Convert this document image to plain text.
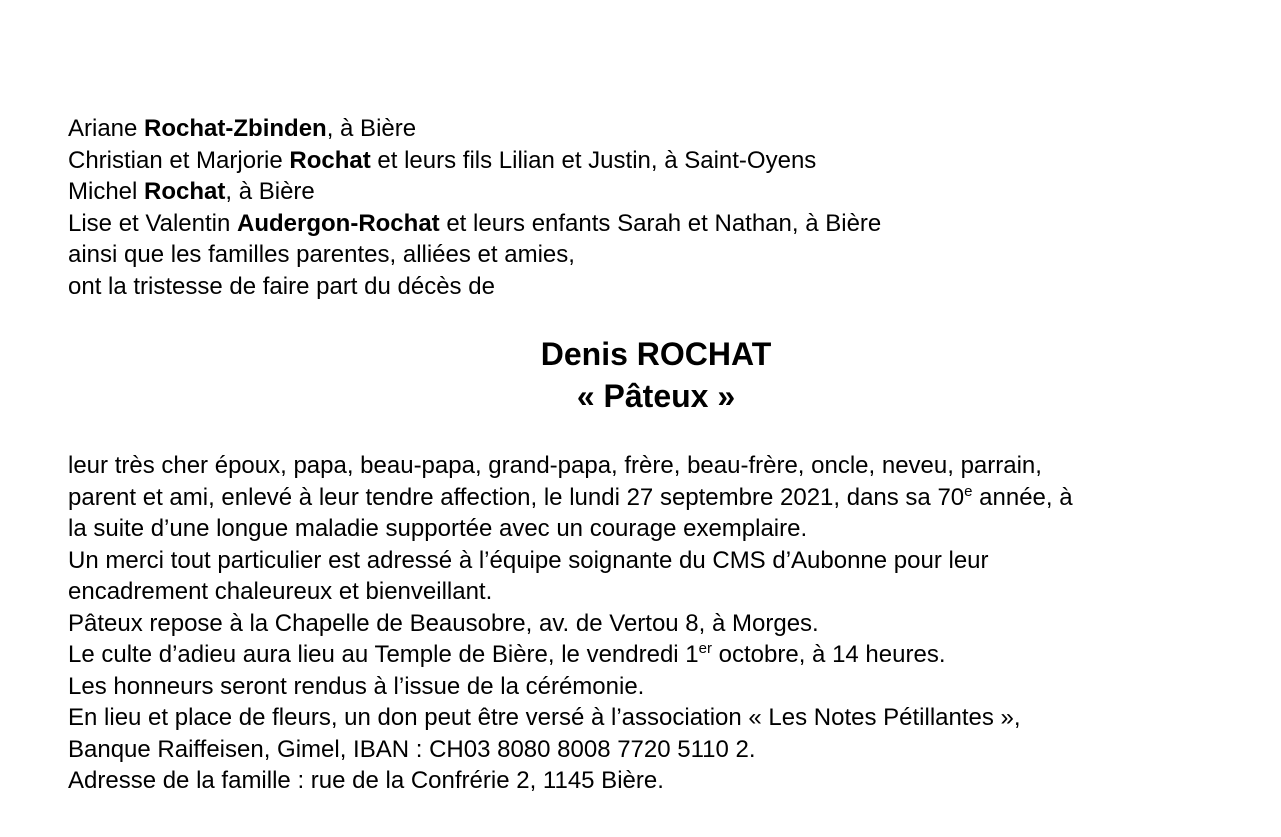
Ariane Rochat-Zbinden, à Bière
Christian et Marjorie Rochat et leurs fils Lilian et Justin, à Saint-Oyens
Michel Rochat, à Bière
Lise et Valentin Audergon-Rochat et leurs enfants Sarah et Nathan, à Bière
ainsi que les familles parentes, alliées et amies,
ont la tristesse de faire part du décès de
Denis ROCHAT
« Pâteux »
leur très cher époux, papa, beau-papa, grand-papa, frère, beau-frère, oncle, neveu, parrain,
parent et ami, enlevé à leur tendre affection, le lundi 27 septembre 2021, dans sa 70e année, à
la suite d’une longue maladie supportée avec un courage exemplaire.
Un merci tout particulier est adressé à l’équipe soignante du CMS d’Aubonne pour leur
encadrement chaleureux et bienveillant.
Pâteux repose à la Chapelle de Beausobre, av. de Vertou 8, à Morges.
Le culte d’adieu aura lieu au Temple de Bière, le vendredi 1er octobre, à 14 heures.
Les honneurs seront rendus à l’issue de la cérémonie.
En lieu et place de fleurs, un don peut être versé à l’association « Les Notes Pétillantes »,
Banque Raiffeisen, Gimel, IBAN : CH03 8080 8008 7720 5110 2.
Adresse de la famille : rue de la Confrérie 2, 1145 Bière.
